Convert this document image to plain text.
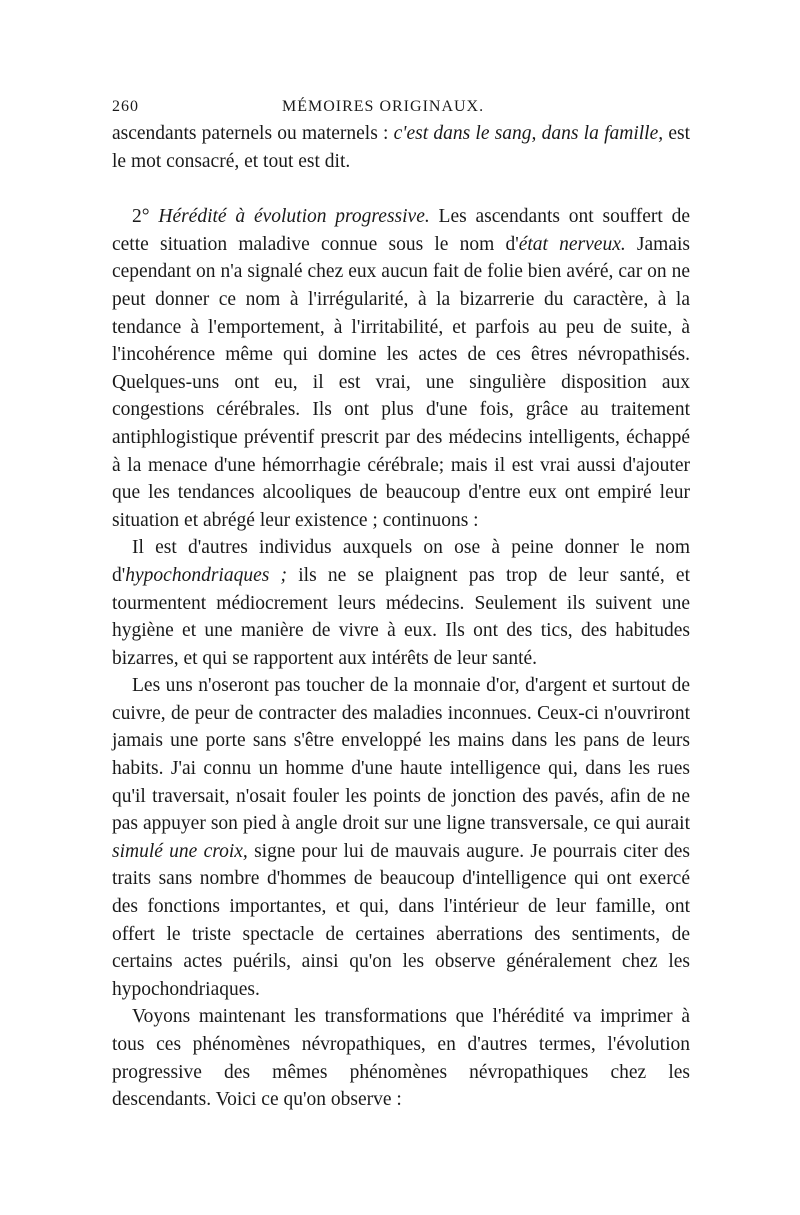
260	MÉMOIRES ORIGINAUX.

ascendants paternels ou maternels : c'est dans le sang, dans la famille, est le mot consacré, et tout est dit.

2° Hérédité à évolution progressive. Les ascendants ont souffert de cette situation maladive connue sous le nom d'état nerveux. Jamais cependant on n'a signalé chez eux aucun fait de folie bien avéré, car on ne peut donner ce nom à l'irrégularité, à la bizarrerie du caractère, à la tendance à l'emportement, à l'irritabilité, et parfois au peu de suite, à l'incohérence même qui domine les actes de ces êtres névropathisés. Quelques-uns ont eu, il est vrai, une singulière disposition aux congestions cérébrales. Ils ont plus d'une fois, grâce au traitement antiphlogistique préventif prescrit par des médecins intelligents, échappé à la menace d'une hémorrhagie cérébrale; mais il est vrai aussi d'ajouter que les tendances alcooliques de beaucoup d'entre eux ont empiré leur situation et abrégé leur existence ; continuons :

Il est d'autres individus auxquels on ose à peine donner le nom d'hypochondriaques ; ils ne se plaignent pas trop de leur santé, et tourmentent médiocrement leurs médecins. Seulement ils suivent une hygiène et une manière de vivre à eux. Ils ont des tics, des habitudes bizarres, et qui se rapportent aux intérêts de leur santé.

Les uns n'oseront pas toucher de la monnaie d'or, d'argent et surtout de cuivre, de peur de contracter des maladies inconnues. Ceux-ci n'ouvriront jamais une porte sans s'être enveloppé les mains dans les pans de leurs habits. J'ai connu un homme d'une haute intelligence qui, dans les rues qu'il traversait, n'osait fouler les points de jonction des pavés, afin de ne pas appuyer son pied à angle droit sur une ligne transversale, ce qui aurait simulé une croix, signe pour lui de mauvais augure. Je pourrais citer des traits sans nombre d'hommes de beaucoup d'intelligence qui ont exercé des fonctions importantes, et qui, dans l'intérieur de leur famille, ont offert le triste spectacle de certaines aberrations des sentiments, de certains actes puérils, ainsi qu'on les observe généralement chez les hypochondriaques.

Voyons maintenant les transformations que l'hérédité va imprimer à tous ces phénomènes névropathiques, en d'autres termes, l'évolution progressive des mêmes phénomènes névropathiques chez les descendants. Voici ce qu'on observe :
